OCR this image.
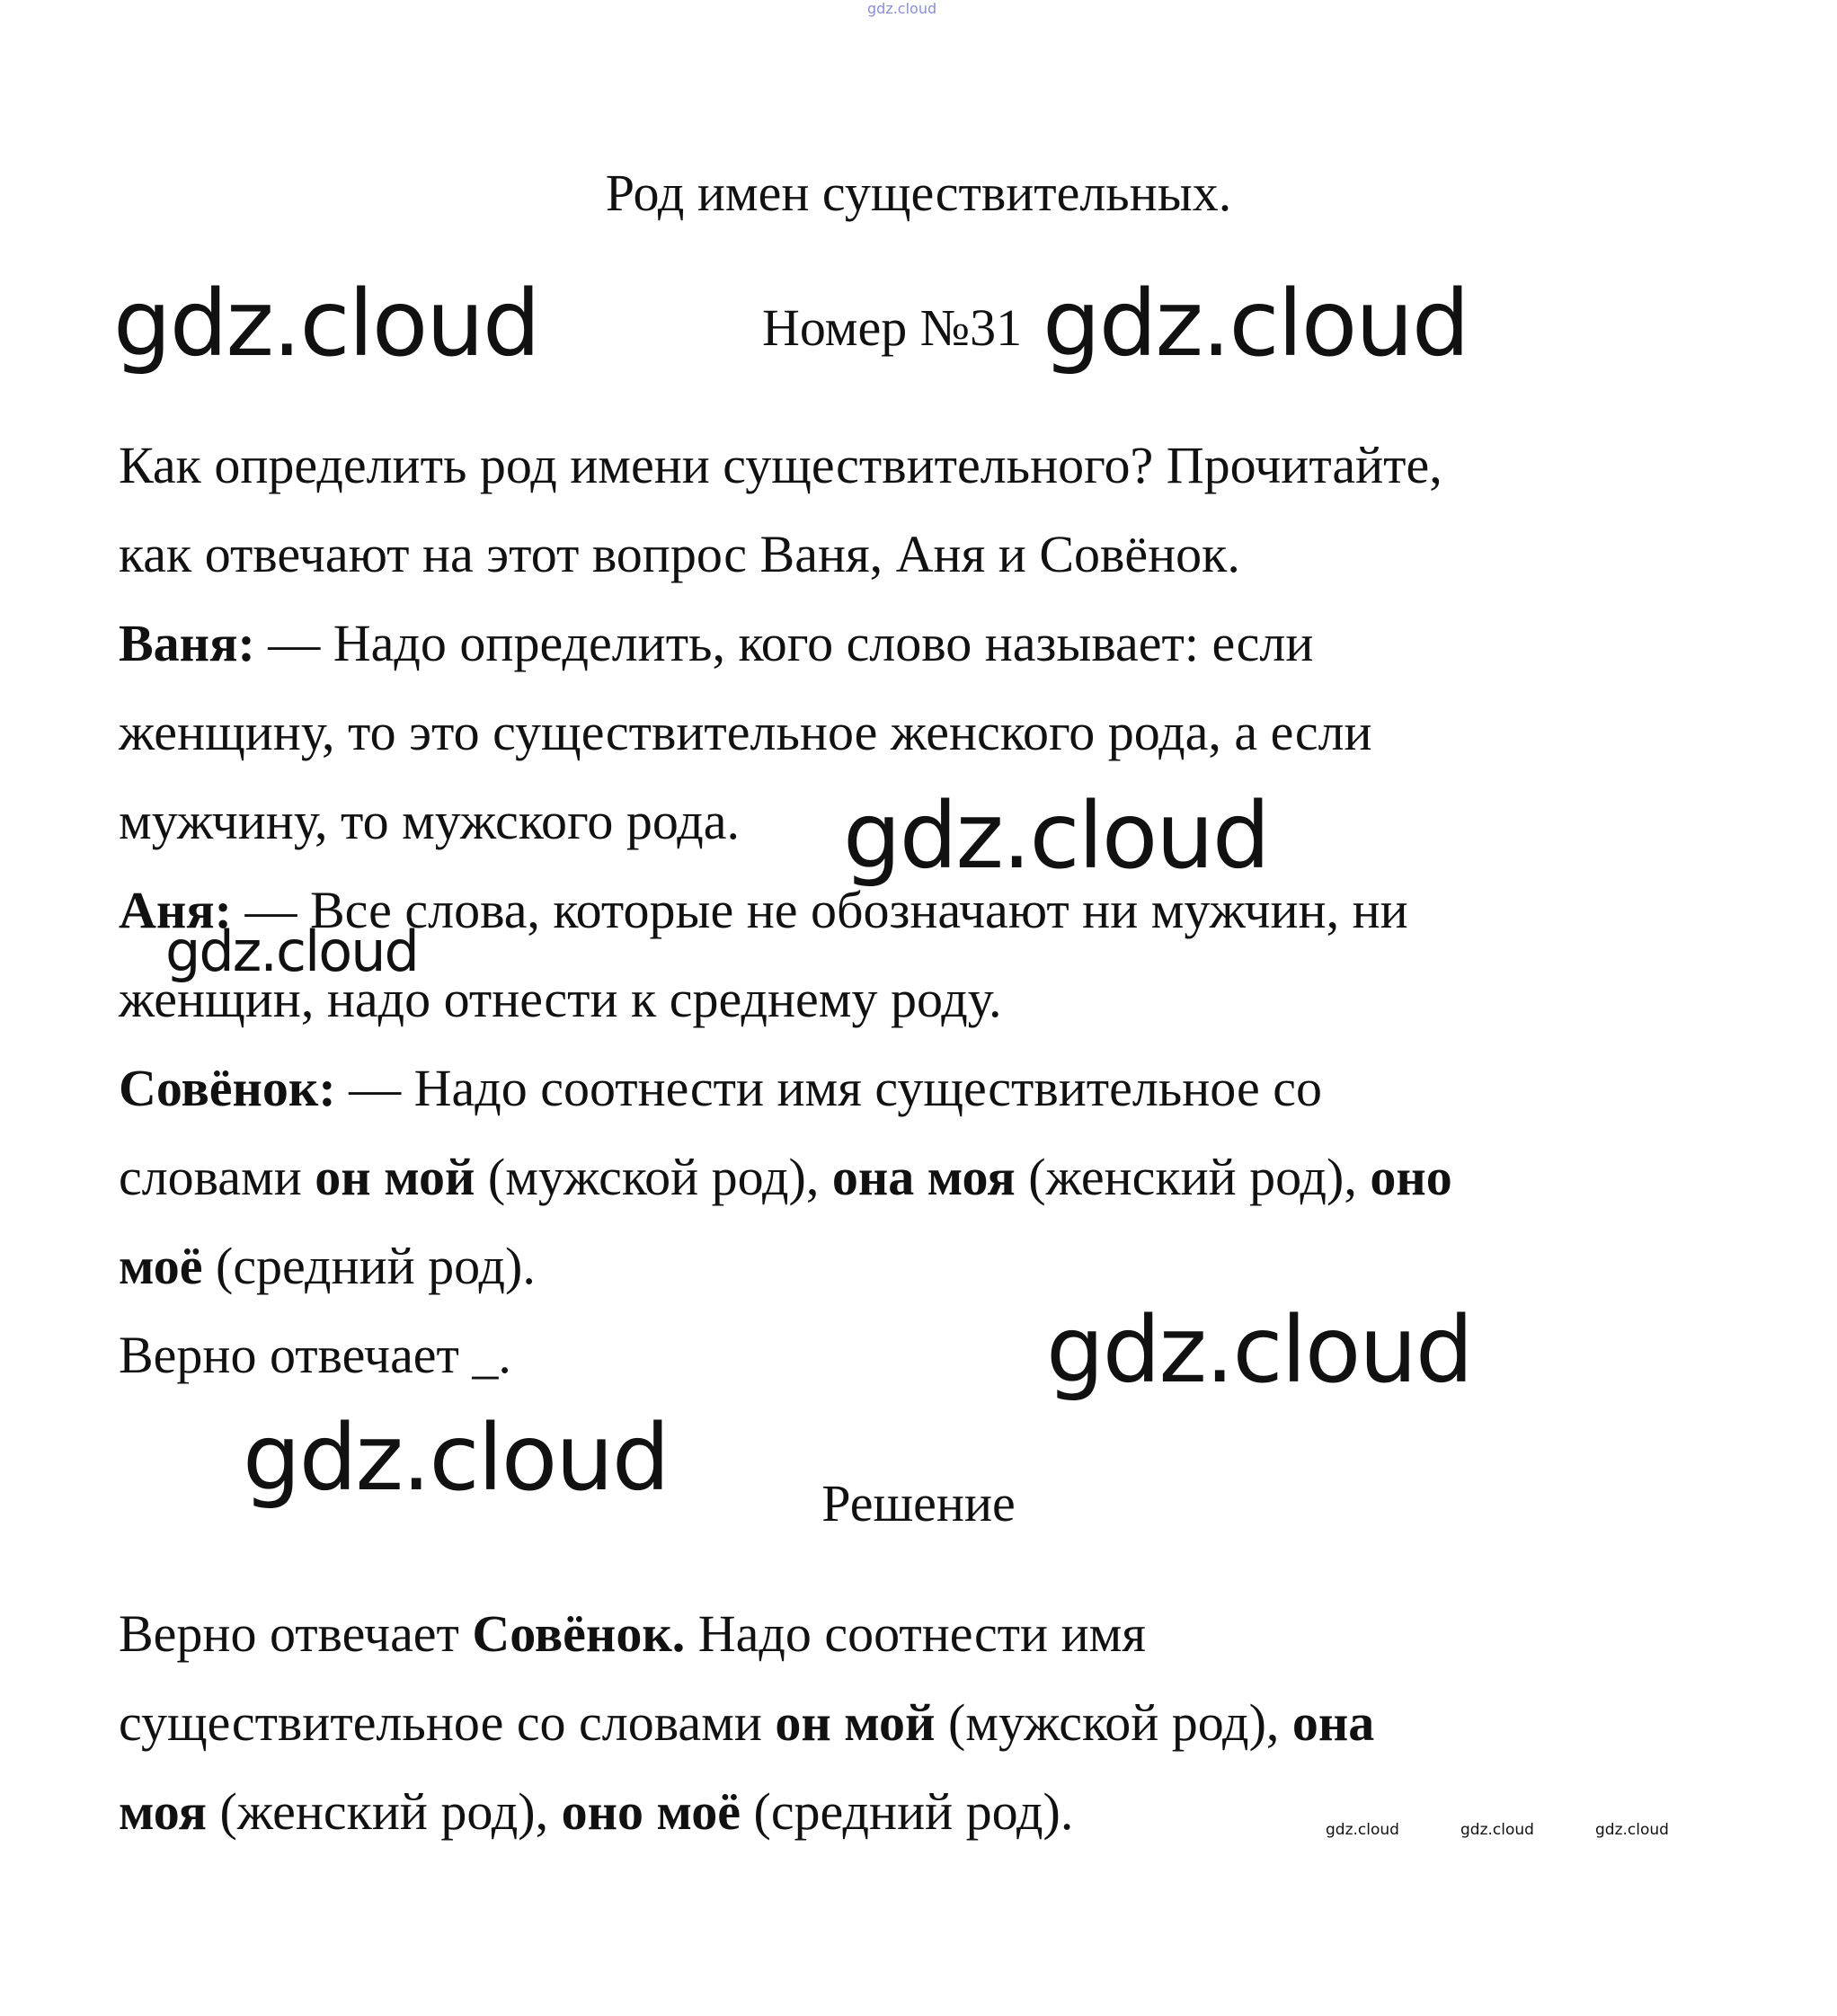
gdz.cloud
Род имен существительных.
gdz.cloud	Номер №31 gdz.cloud
Как определить род имени существительного? Прочитайте,
как отвечают на этот вопрос Ваня, Аня и Совёнок.
Ваня: — Надо определить, кого слово называет: если
женщину, то это существительное женского рода, а если
мужчину, то мужского рода.
Аня: — Все слова, которые не обозначают ни мужчин, ни
женщин, надо отнести к среднему роду.
Совёнок: — Надо соотнести имя существительное со
словами он мой (мужской род), она моя (женский род), оно
моё (средний род).
Верно отвечает _.
gdz.cloud
gdz.cloud
gdz.cloud
gdz.cloud	Решение
Верно отвечает Совёнок. Надо соотнести имя
существительное со словами он мой (мужской род), она
моя (женский род), оно моё (средний род).	gdz.cloud	gdz.cloud	gdz.cloud
